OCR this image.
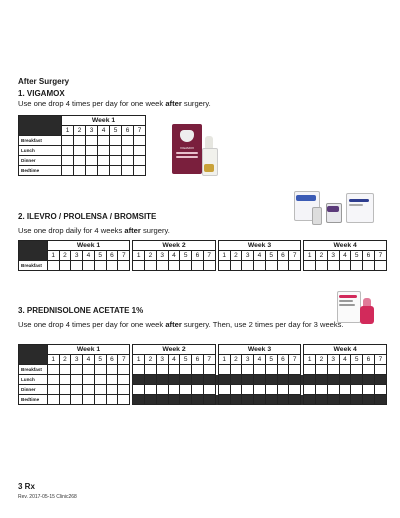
After Surgery
1. VIGAMOX
Use one drop 4 times per day for one week after surgery.
	Week 1						
	1	2	3	4	5	6	7
Breakfast							
Lunch							
Dinner							
Bedtime							
VIGAMOX
2. ILEVRO / PROLENSA / BROMSITE
Use one drop daily for 4 weeks after surgery.
	Week 1								Week 2								Week 3								Week 4						
	1	2	3	4	5	6	7		1	2	3	4	5	6	7		1	2	3	4	5	6	7		1	2	3	4	5	6	7
Breakfast																															
3. PREDNISOLONE ACETATE 1%
Use one drop 4 times per day for one week after surgery. Then, use 2 times per day for 3 weeks.
	Week 1								Week 2								Week 3								Week 4						
	1	2	3	4	5	6	7		1	2	3	4	5	6	7		1	2	3	4	5	6	7		1	2	3	4	5	6	7
Breakfast																															
Lunch																															
Dinner																															
Bedtime																															
3 Rx
Rev. 2017-05-15 Clinic268
